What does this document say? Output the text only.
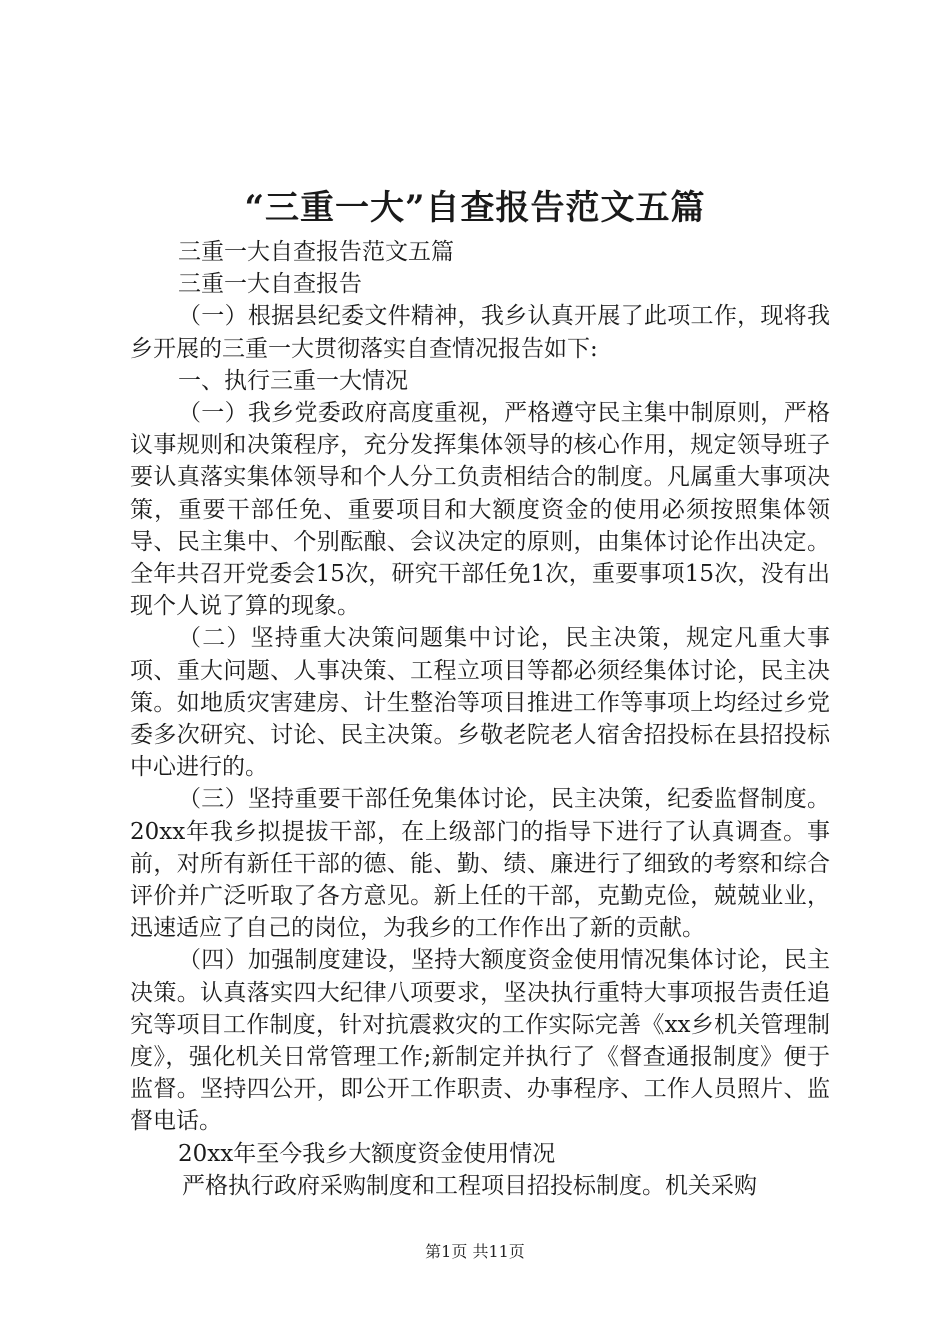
“三重一大”自查报告范文五篇

三重一大自查报告范文五篇

三重一大自查报告

（一）根据县纪委文件精神，我乡认真开展了此项工作，现将我乡开展的三重一大贯彻落实自查情况报告如下:

一、执行三重一大情况

（一）我乡党委政府高度重视，严格遵守民主集中制原则，严格议事规则和决策程序，充分发挥集体领导的核心作用，规定领导班子要认真落实集体领导和个人分工负责相结合的制度。凡属重大事项决策，重要干部任免、重要项目和大额度资金的使用必须按照集体领导、民主集中、个别酝酿、会议决定的原则，由集体讨论作出决定。全年共召开党委会15次，研究干部任免1次，重要事项15次，没有出现个人说了算的现象。

（二）坚持重大决策问题集中讨论，民主决策，规定凡重大事项、重大问题、人事决策、工程立项目等都必须经集体讨论，民主决策。如地质灾害建房、计生整治等项目推进工作等事项上均经过乡党委多次研究、讨论、民主决策。乡敬老院老人宿舍招投标在县招投标中心进行的。

（三）坚持重要干部任免集体讨论，民主决策，纪委监督制度。20xx年我乡拟提拔干部，在上级部门的指导下进行了认真调查。事前，对所有新任干部的德、能、勤、绩、廉进行了细致的考察和综合评价并广泛听取了各方意见。新上任的干部，克勤克俭，兢兢业业，迅速适应了自己的岗位，为我乡的工作作出了新的贡献。

（四）加强制度建设，坚持大额度资金使用情况集体讨论，民主决策。认真落实四大纪律八项要求，坚决执行重特大事项报告责任追究等项目工作制度，针对抗震救灾的工作实际完善《xx乡机关管理制度》，强化机关日常管理工作;新制定并执行了《督查通报制度》便于监督。坚持四公开，即公开工作职责、办事程序、工作人员照片、监督电话。

20xx年至今我乡大额度资金使用情况

严格执行政府采购制度和工程项目招投标制度。机关采购

第1页 共11页
